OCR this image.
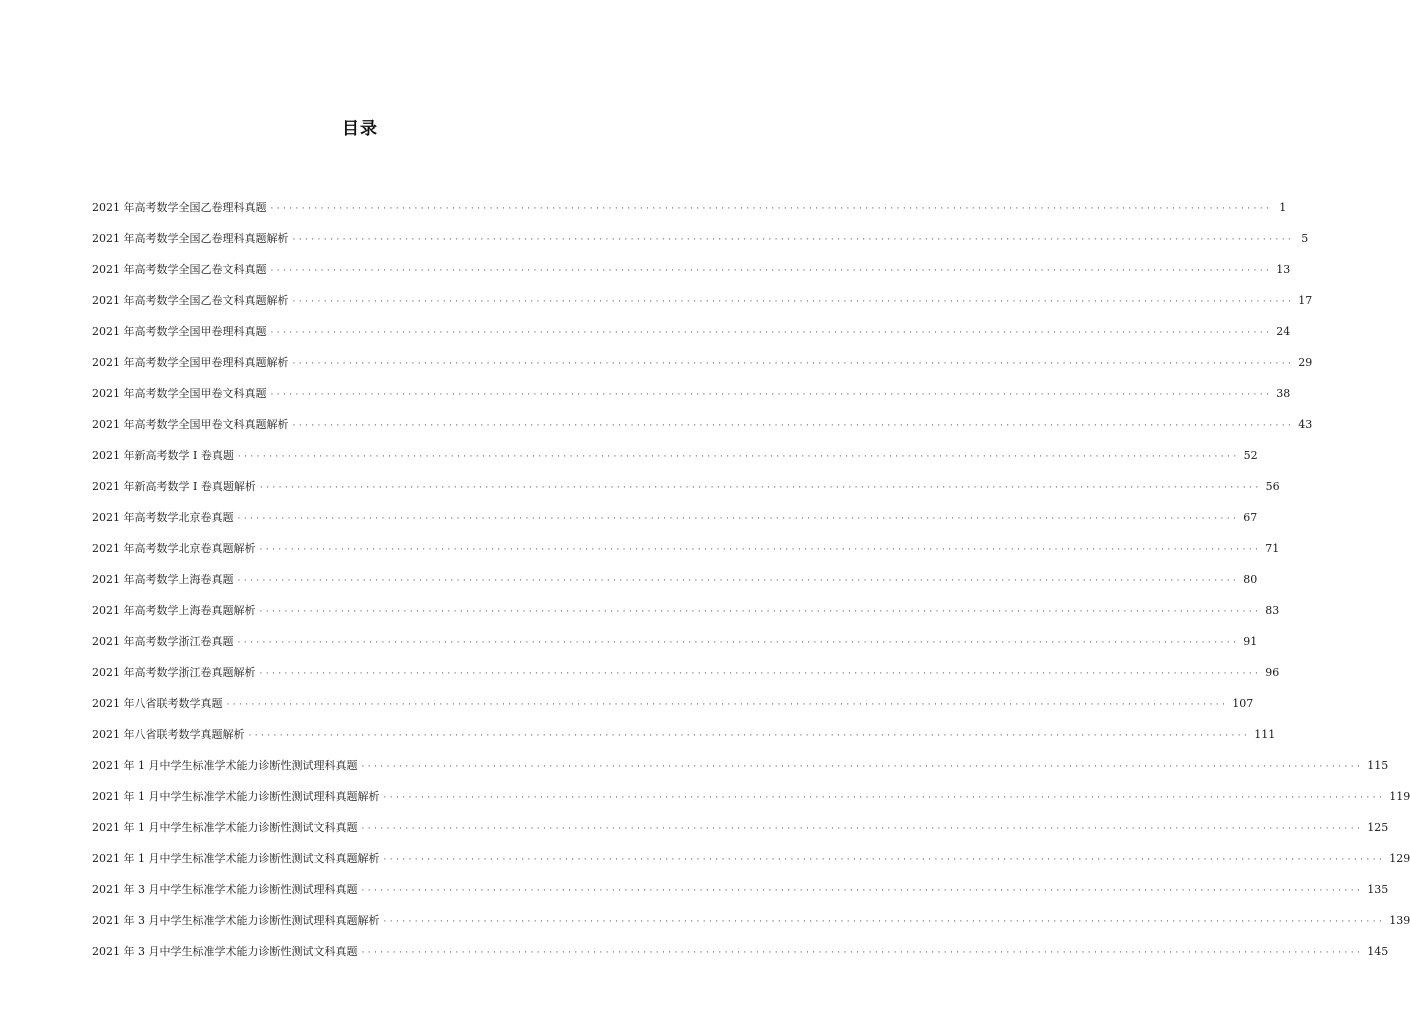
目录
2021 年高考数学全国乙卷理科真题 ································································································································································ 1
2021 年高考数学全国乙卷理科真题解析 ································································································································································ 5
2021 年高考数学全国乙卷文科真题 ································································································································································ 13
2021 年高考数学全国乙卷文科真题解析 ································································································································································ 17
2021 年高考数学全国甲卷理科真题 ································································································································································ 24
2021 年高考数学全国甲卷理科真题解析 ································································································································································ 29
2021 年高考数学全国甲卷文科真题 ································································································································································ 38
2021 年高考数学全国甲卷文科真题解析 ································································································································································ 43
2021 年新高考数学 I 卷真题 ································································································································································ 52
2021 年新高考数学 I 卷真题解析 ································································································································································ 56
2021 年高考数学北京卷真题 ································································································································································ 67
2021 年高考数学北京卷真题解析 ································································································································································ 71
2021 年高考数学上海卷真题 ································································································································································ 80
2021 年高考数学上海卷真题解析 ································································································································································ 83
2021 年高考数学浙江卷真题 ································································································································································ 91
2021 年高考数学浙江卷真题解析 ································································································································································ 96
2021 年八省联考数学真题 ································································································································································ 107
2021 年八省联考数学真题解析 ································································································································································ 111
2021 年 1 月中学生标准学术能力诊断性测试理科真题 ································································································································································ 115
2021 年 1 月中学生标准学术能力诊断性测试理科真题解析 ································································································································································ 119
2021 年 1 月中学生标准学术能力诊断性测试文科真题 ································································································································································ 125
2021 年 1 月中学生标准学术能力诊断性测试文科真题解析 ································································································································································ 129
2021 年 3 月中学生标准学术能力诊断性测试理科真题 ································································································································································ 135
2021 年 3 月中学生标准学术能力诊断性测试理科真题解析 ································································································································································ 139
2021 年 3 月中学生标准学术能力诊断性测试文科真题 ································································································································································ 145
